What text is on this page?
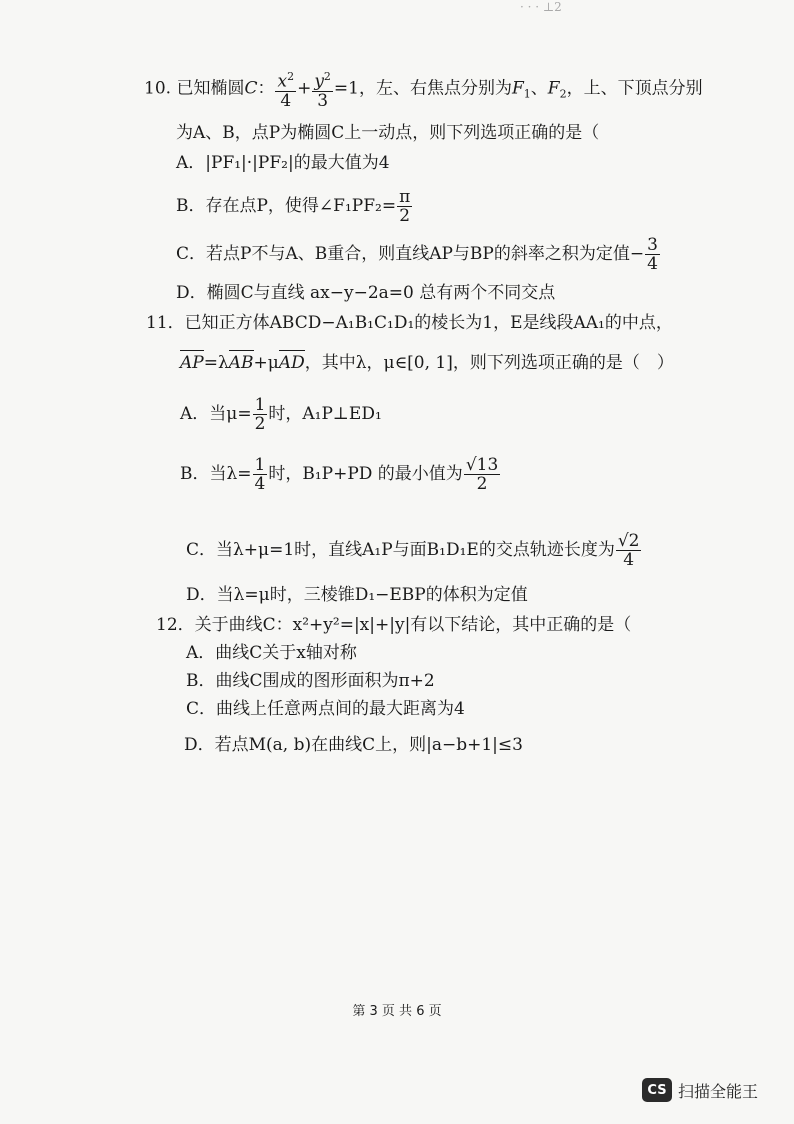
· · · ⊥2
10. 已知椭圆C： $\frac{x^2}{4} + \frac{y^2}{3} =1$，左、右焦点分别为$F_1$、$F_2$，上、下顶点分别
为A、B，点P为椭圆C上一动点，则下列选项正确的是（
A．|PF₁|·|PF₂|的最大值为4
B．存在点P，使得∠F₁PF₂= $\frac{\pi}{2}$
C．若点P不与A、B重合，则直线AP与BP的斜率之积为定值− $\frac{3}{4}$
D．椭圆C与直线 ax−y−2a=0 总有两个不同交点
11．已知正方体ABCD−A₁B₁C₁D₁的棱长为1，E是线段AA₁的中点，
AP=λAB+μAD，其中λ，μ∈[0, 1]，则下列选项正确的是（　）
A．当$\mu= \frac{1}{2}$ 时，A₁P⊥ED₁
B．当$\lambda= \frac{1}{4}$ 时，B₁P+PD 的最小值为 $\frac{√13}{2}$
C．当λ+μ=1时，直线A₁P与面B₁D₁E的交点轨迹长度为 $\frac{√2}{4}$
D．当λ=μ时，三棱锥D₁−EBP的体积为定值
12．关于曲线C：x²+y²=|x|+|y|有以下结论，其中正确的是（
A．曲线C关于x轴对称
B．曲线C围成的图形面积为π+2
C．曲线上任意两点间的最大距离为4
D．若点M(a, b)在曲线C上，则|a−b+1|≤3
第 3 页 共 6 页
CS 扫描全能王
